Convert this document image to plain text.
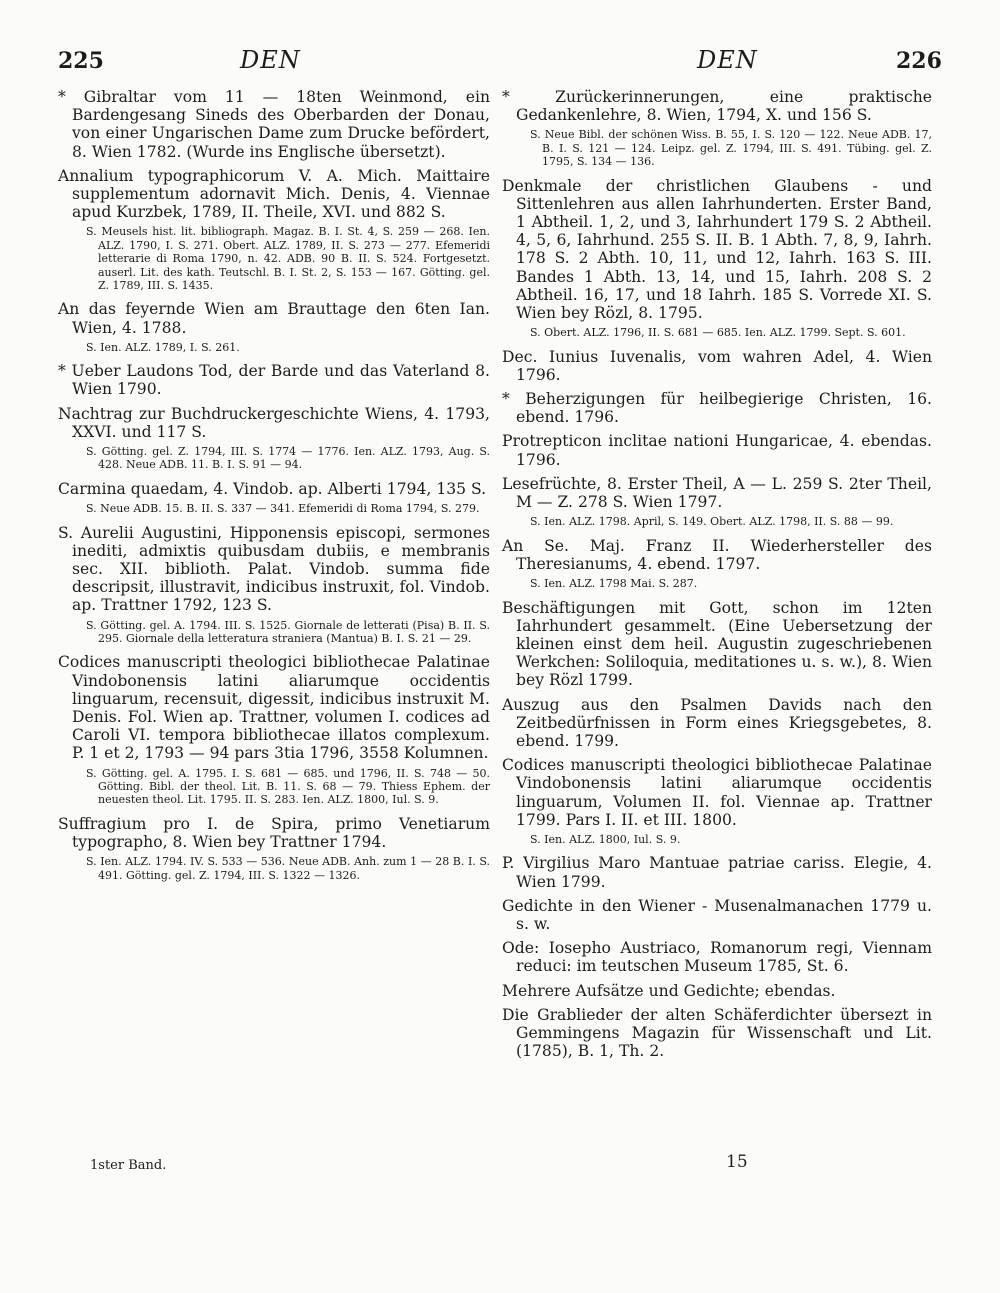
225	DEN	DEN	226
* Gibraltar vom 11 — 18ten Weinmond, ein Bardengesang Sineds des Oberbarden der Donau, von einer Ungarischen Dame zum Drucke befördert, 8. Wien 1782. (Wurde ins Englische übersetzt).
Annalium typographicorum V. A. Mich. Maittaire supplementum adornavit Mich. Denis, 4. Viennae apud Kurzbek, 1789, II. Theile, XVI. und 882 S.
S. Meusels hist. lit. bibliograph. Magaz. B. I. St. 4, S. 259 — 268. Ien. ALZ. 1790, I. S. 271. Obert. ALZ. 1789, II. S. 273 — 277. Efemeridi letterarie di Roma 1790, n. 42. ADB. 90 B. II. S. 524. Fortgesetzt. auserl. Lit. des kath. Teutschl. B. I. St. 2, S. 153 — 167. Götting. gel. Z. 1789, III. S. 1435.
An das feyernde Wien am Brauttage den 6ten Ian. Wien, 4. 1788.
S. Ien. ALZ. 1789, I. S. 261.
* Ueber Laudons Tod, der Barde und das Vaterland 8. Wien 1790.
Nachtrag zur Buchdruckergeschichte Wiens, 4. 1793, XXVI. und 117 S.
S. Götting. gel. Z. 1794, III. S. 1774 — 1776. Ien. ALZ. 1793, Aug. S. 428. Neue ADB. 11. B. I. S. 91 — 94.
Carmina quaedam, 4. Vindob. ap. Alberti 1794, 135 S.
S. Neue ADB. 15. B. II. S. 337 — 341. Efemeridi di Roma 1794, S. 279.
S. Aurelii Augustini, Hipponensis episcopi, sermones inediti, admixtis quibusdam dubiis, e membranis sec. XII. biblioth. Palat. Vindob. summa fide descripsit, illustravit, indicibus instruxit, fol. Vindob. ap. Trattner 1792, 123 S.
S. Götting. gel. A. 1794. III. S. 1525. Giornale de letterati (Pisa) B. II. S. 295. Giornale della letteratura straniera (Mantua) B. I. S. 21 — 29.
Codices manuscripti theologici bibliothecae Palatinae Vindobonensis latini aliarumque occidentis linguarum, recensuit, digessit, indicibus instruxit M. Denis. Fol. Wien ap. Trattner, volumen I. codices ad Caroli VI. tempora bibliothecae illatos complexum. P. 1 et 2, 1793 — 94 pars 3tia 1796, 3558 Kolumnen.
S. Götting. gel. A. 1795. I. S. 681 — 685. und 1796, II. S. 748 — 50. Götting. Bibl. der theol. Lit. B. 11. S. 68 — 79. Thiess Ephem. der neuesten theol. Lit. 1795. II. S. 283. Ien. ALZ. 1800, Iul. S. 9.
Suffragium pro I. de Spira, primo Venetiarum typographo, 8. Wien bey Trattner 1794.
S. Ien. ALZ. 1794. IV. S. 533 — 536. Neue ADB. Anh. zum 1 — 28 B. I. S. 491. Götting. gel. Z. 1794, III. S. 1322 — 1326.
* Zurückerinnerungen, eine praktische Gedankenlehre, 8. Wien, 1794, X. und 156 S.
S. Neue Bibl. der schönen Wiss. B. 55, I. S. 120 — 122. Neue ADB. 17, B. I. S. 121 — 124. Leipz. gel. Z. 1794, III. S. 491. Tübing. gel. Z. 1795, S. 134 — 136.
Denkmale der christlichen Glaubens - und Sittenlehren aus allen Iahrhunderten. Erster Band, 1 Abtheil. 1, 2, und 3, Iahrhundert 179 S. 2 Abtheil. 4, 5, 6, Iahrhund. 255 S. II. B. 1 Abth. 7, 8, 9, Iahrh. 178 S. 2 Abth. 10, 11, und 12, Iahrh. 163 S. III. Bandes 1 Abth. 13, 14, und 15, Iahrh. 208 S. 2 Abtheil. 16, 17, und 18 Iahrh. 185 S. Vorrede XI. S. Wien bey Rözl, 8. 1795.
S. Obert. ALZ. 1796, II. S. 681 — 685. Ien. ALZ. 1799. Sept. S. 601.
Dec. Iunius Iuvenalis, vom wahren Adel, 4. Wien 1796.
* Beherzigungen für heilbegierige Christen, 16. ebend. 1796.
Protrepticon inclitae nationi Hungaricae, 4. ebendas. 1796.
Lesefrüchte, 8. Erster Theil, A — L. 259 S. 2ter Theil, M — Z. 278 S. Wien 1797.
S. Ien. ALZ. 1798. April, S. 149. Obert. ALZ. 1798, II. S. 88 — 99.
An Se. Maj. Franz II. Wiederhersteller des Theresianums, 4. ebend. 1797.
S. Ien. ALZ. 1798 Mai. S. 287.
Beschäftigungen mit Gott, schon im 12ten Iahrhundert gesammelt. (Eine Uebersetzung der kleinen einst dem heil. Augustin zugeschriebenen Werkchen: Soliloquia, meditationes u. s. w.), 8. Wien bey Rözl 1799.
Auszug aus den Psalmen Davids nach den Zeitbedürfnissen in Form eines Kriegsgebetes, 8. ebend. 1799.
Codices manuscripti theologici bibliothecae Palatinae Vindobonensis latini aliarumque occidentis linguarum, Volumen II. fol. Viennae ap. Trattner 1799. Pars I. II. et III. 1800.
S. Ien. ALZ. 1800, Iul. S. 9.
P. Virgilius Maro Mantuae patriae cariss. Elegie, 4. Wien 1799.
Gedichte in den Wiener - Musenalmanachen 1779 u. s. w.
Ode: Iosepho Austriaco, Romanorum regi, Viennam reduci: im teutschen Museum 1785, St. 6.
Mehrere Aufsätze und Gedichte; ebendas.
Die Grablieder der alten Schäferdichter übersezt in Gemmingens Magazin für Wissenschaft und Lit. (1785), B. 1, Th. 2.
1ster Band.	15
